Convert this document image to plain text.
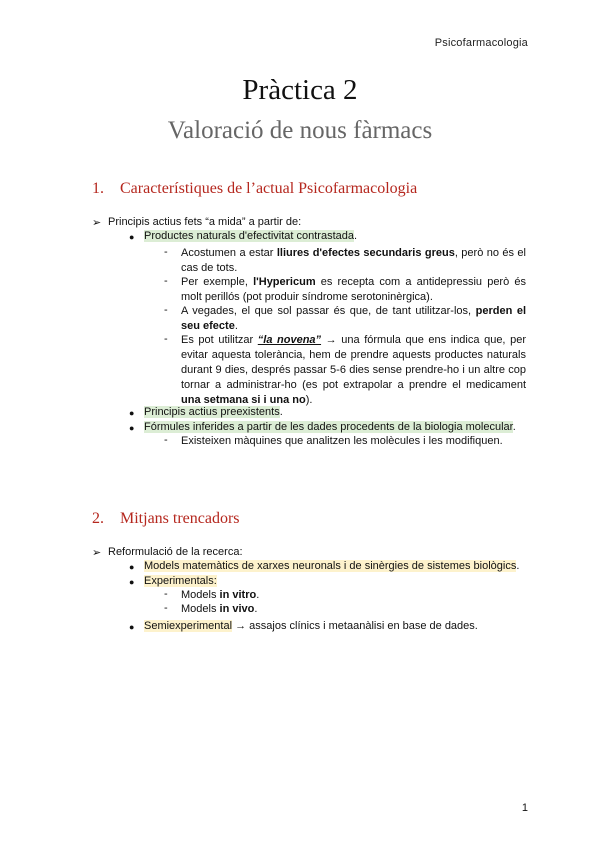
Psicofarmacologia
Pràctica 2
Valoració de nous fàrmacs
1. Característiques de l’actual Psicofarmacologia
➢ Principis actius fets “a mida” a partir de:
● Productes naturals d'efectivitat contrastada.
- Acostumen a estar lliures d'efectes secundaris greus, però no és el cas de tots.
- Per exemple, l'Hypericum es recepta com a antidepressiu però és molt perillós (pot produir síndrome serotoninèrgica).
- A vegades, el que sol passar és que, de tant utilitzar-los, perden el seu efecte.
- Es pot utilitzar “la novena” → una fórmula que ens indica que, per evitar aquesta tolerància, hem de prendre aquests productes naturals durant 9 dies, després passar 5-6 dies sense prendre-ho i un altre cop tornar a administrar-ho (es pot extrapolar a prendre el medicament una setmana si i una no).
● Principis actius preexistents.
● Fórmules inferides a partir de les dades procedents de la biologia molecular.
- Existeixen màquines que analitzen les molècules i les modifiquen.
2. Mitjans trencadors
➢ Reformulació de la recerca:
● Models matemàtics de xarxes neuronals i de sinèrgies de sistemes biològics.
● Experimentals:
- Models in vitro.
- Models in vivo.
● Semiexperimental → assajos clínics i metaanàlisi en base de dades.
1
